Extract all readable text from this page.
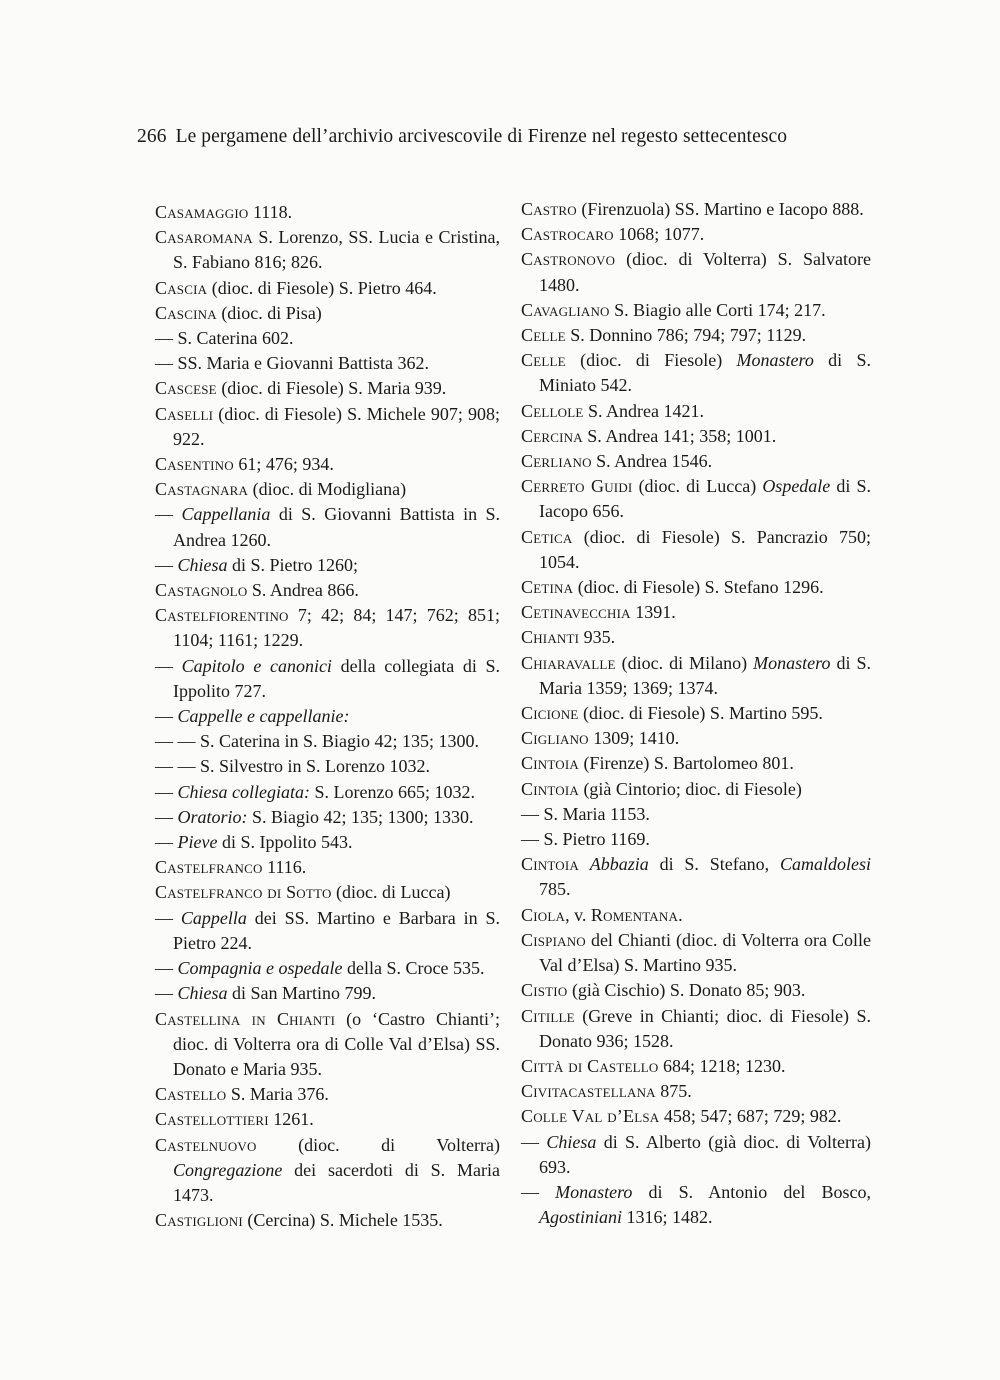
266 Le pergamene dell’archivio arcivescovile di Firenze nel regesto settecentesco
Casamaggio 1118.
Casaromana S. Lorenzo, SS. Lucia e Cristina, S. Fabiano 816; 826.
Cascia (dioc. di Fiesole) S. Pietro 464.
Cascina (dioc. di Pisa)
— S. Caterina 602.
— SS. Maria e Giovanni Battista 362.
Cascese (dioc. di Fiesole) S. Maria 939.
Caselli (dioc. di Fiesole) S. Michele 907; 908; 922.
Casentino 61; 476; 934.
Castagnara (dioc. di Modigliana)
— Cappellania di S. Giovanni Battista in S. Andrea 1260.
— Chiesa di S. Pietro 1260;
Castagnolo S. Andrea 866.
Castelfiorentino 7; 42; 84; 147; 762; 851; 1104; 1161; 1229.
— Capitolo e canonici della collegiata di S. Ippolito 727.
— Cappelle e cappellanie:
— — S. Caterina in S. Biagio 42; 135; 1300.
— — S. Silvestro in S. Lorenzo 1032.
— Chiesa collegiata: S. Lorenzo 665; 1032.
— Oratorio: S. Biagio 42; 135; 1300; 1330.
— Pieve di S. Ippolito 543.
Castelfranco 1116.
Castelfranco di Sotto (dioc. di Lucca)
— Cappella dei SS. Martino e Barbara in S. Pietro 224.
— Compagnia e ospedale della S. Croce 535.
— Chiesa di San Martino 799.
Castellina in Chianti (o ‘Castro Chianti’; dioc. di Volterra ora di Colle Val d’Elsa) SS. Donato e Maria 935.
Castello S. Maria 376.
Castellottieri 1261.
Castelnuovo (dioc. di Volterra) Congregazione dei sacerdoti di S. Maria 1473.
Castiglioni (Cercina) S. Michele 1535.
Castro (Firenzuola) SS. Martino e Iacopo 888.
Castrocaro 1068; 1077.
Castronovo (dioc. di Volterra) S. Salvatore 1480.
Cavagliano S. Biagio alle Corti 174; 217.
Celle S. Donnino 786; 794; 797; 1129.
Celle (dioc. di Fiesole) Monastero di S. Miniato 542.
Cellole S. Andrea 1421.
Cercina S. Andrea 141; 358; 1001.
Cerliano S. Andrea 1546.
Cerreto Guidi (dioc. di Lucca) Ospedale di S. Iacopo 656.
Cetica (dioc. di Fiesole) S. Pancrazio 750; 1054.
Cetina (dioc. di Fiesole) S. Stefano 1296.
Cetinavecchia 1391.
Chianti 935.
Chiaravalle (dioc. di Milano) Monastero di S. Maria 1359; 1369; 1374.
Cicione (dioc. di Fiesole) S. Martino 595.
Cigliano 1309; 1410.
Cintoia (Firenze) S. Bartolomeo 801.
Cintoia (già Cintorio; dioc. di Fiesole)
— S. Maria 1153.
— S. Pietro 1169.
Cintoia Abbazia di S. Stefano, Camaldolesi 785.
Ciola, v. Romentana.
Cispiano del Chianti (dioc. di Volterra ora Colle Val d’Elsa) S. Martino 935.
Cistio (già Cischio) S. Donato 85; 903.
Citille (Greve in Chianti; dioc. di Fiesole) S. Donato 936; 1528.
Città di Castello 684; 1218; 1230.
Civitacastellana 875.
Colle Val d’Elsa 458; 547; 687; 729; 982.
— Chiesa di S. Alberto (già dioc. di Volterra) 693.
— Monastero di S. Antonio del Bosco, Agostiniani 1316; 1482.
